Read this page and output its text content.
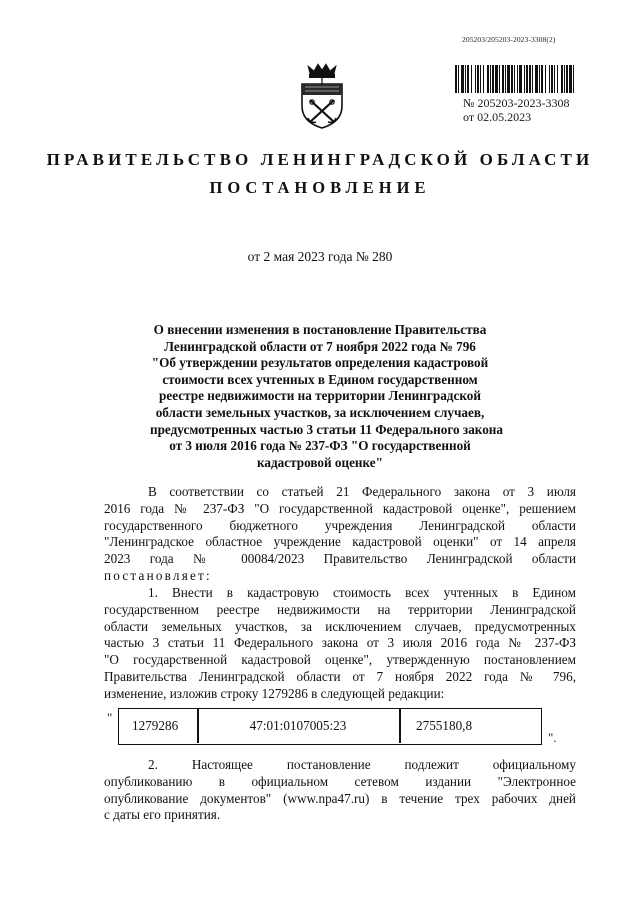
205203/205203-2023-3308(2)
№ 205203-2023-3308
от 02.05.2023
ПРАВИТЕЛЬСТВО ЛЕНИНГРАДСКОЙ ОБЛАСТИ
ПОСТАНОВЛЕНИЕ
от 2 мая 2023 года № 280
О внесении изменения в постановление Правительства
Ленинградской области от 7 ноября 2022 года № 796
"Об утверждении результатов определения кадастровой
стоимости всех учтенных в Едином государственном
реестре недвижимости на территории Ленинградской
области земельных участков, за исключением случаев,
предусмотренных частью 3 статьи 11 Федерального закона
от 3 июля 2016 года № 237-ФЗ "О государственной
кадастровой оценке"
В соответствии со статьей 21 Федерального закона от 3 июля
2016 года № 237-ФЗ "О государственной кадастровой оценке", решением
государственного бюджетного учреждения Ленинградской области
"Ленинградское областное учреждение кадастровой оценки" от 14 апреля
2023 года № 00084/2023 Правительство Ленинградской области
постановляет:
1. Внести в кадастровую стоимость всех учтенных в Едином
государственном реестре недвижимости на территории Ленинградской
области земельных участков, за исключением случаев, предусмотренных
частью 3 статьи 11 Федерального закона от 3 июля 2016 года № 237-ФЗ
"О государственной кадастровой оценке", утвержденную постановлением
Правительства Ленинградской области от 7 ноября 2022 года № 796,
изменение, изложив строку 1279286 в следующей редакции:
"
1279286	47:01:0107005:23	2755180,8
".
2. Настоящее постановление подлежит официальному
опубликованию в официальном сетевом издании "Электронное
опубликование документов" (www.npa47.ru) в течение трех рабочих дней
с даты его принятия.
